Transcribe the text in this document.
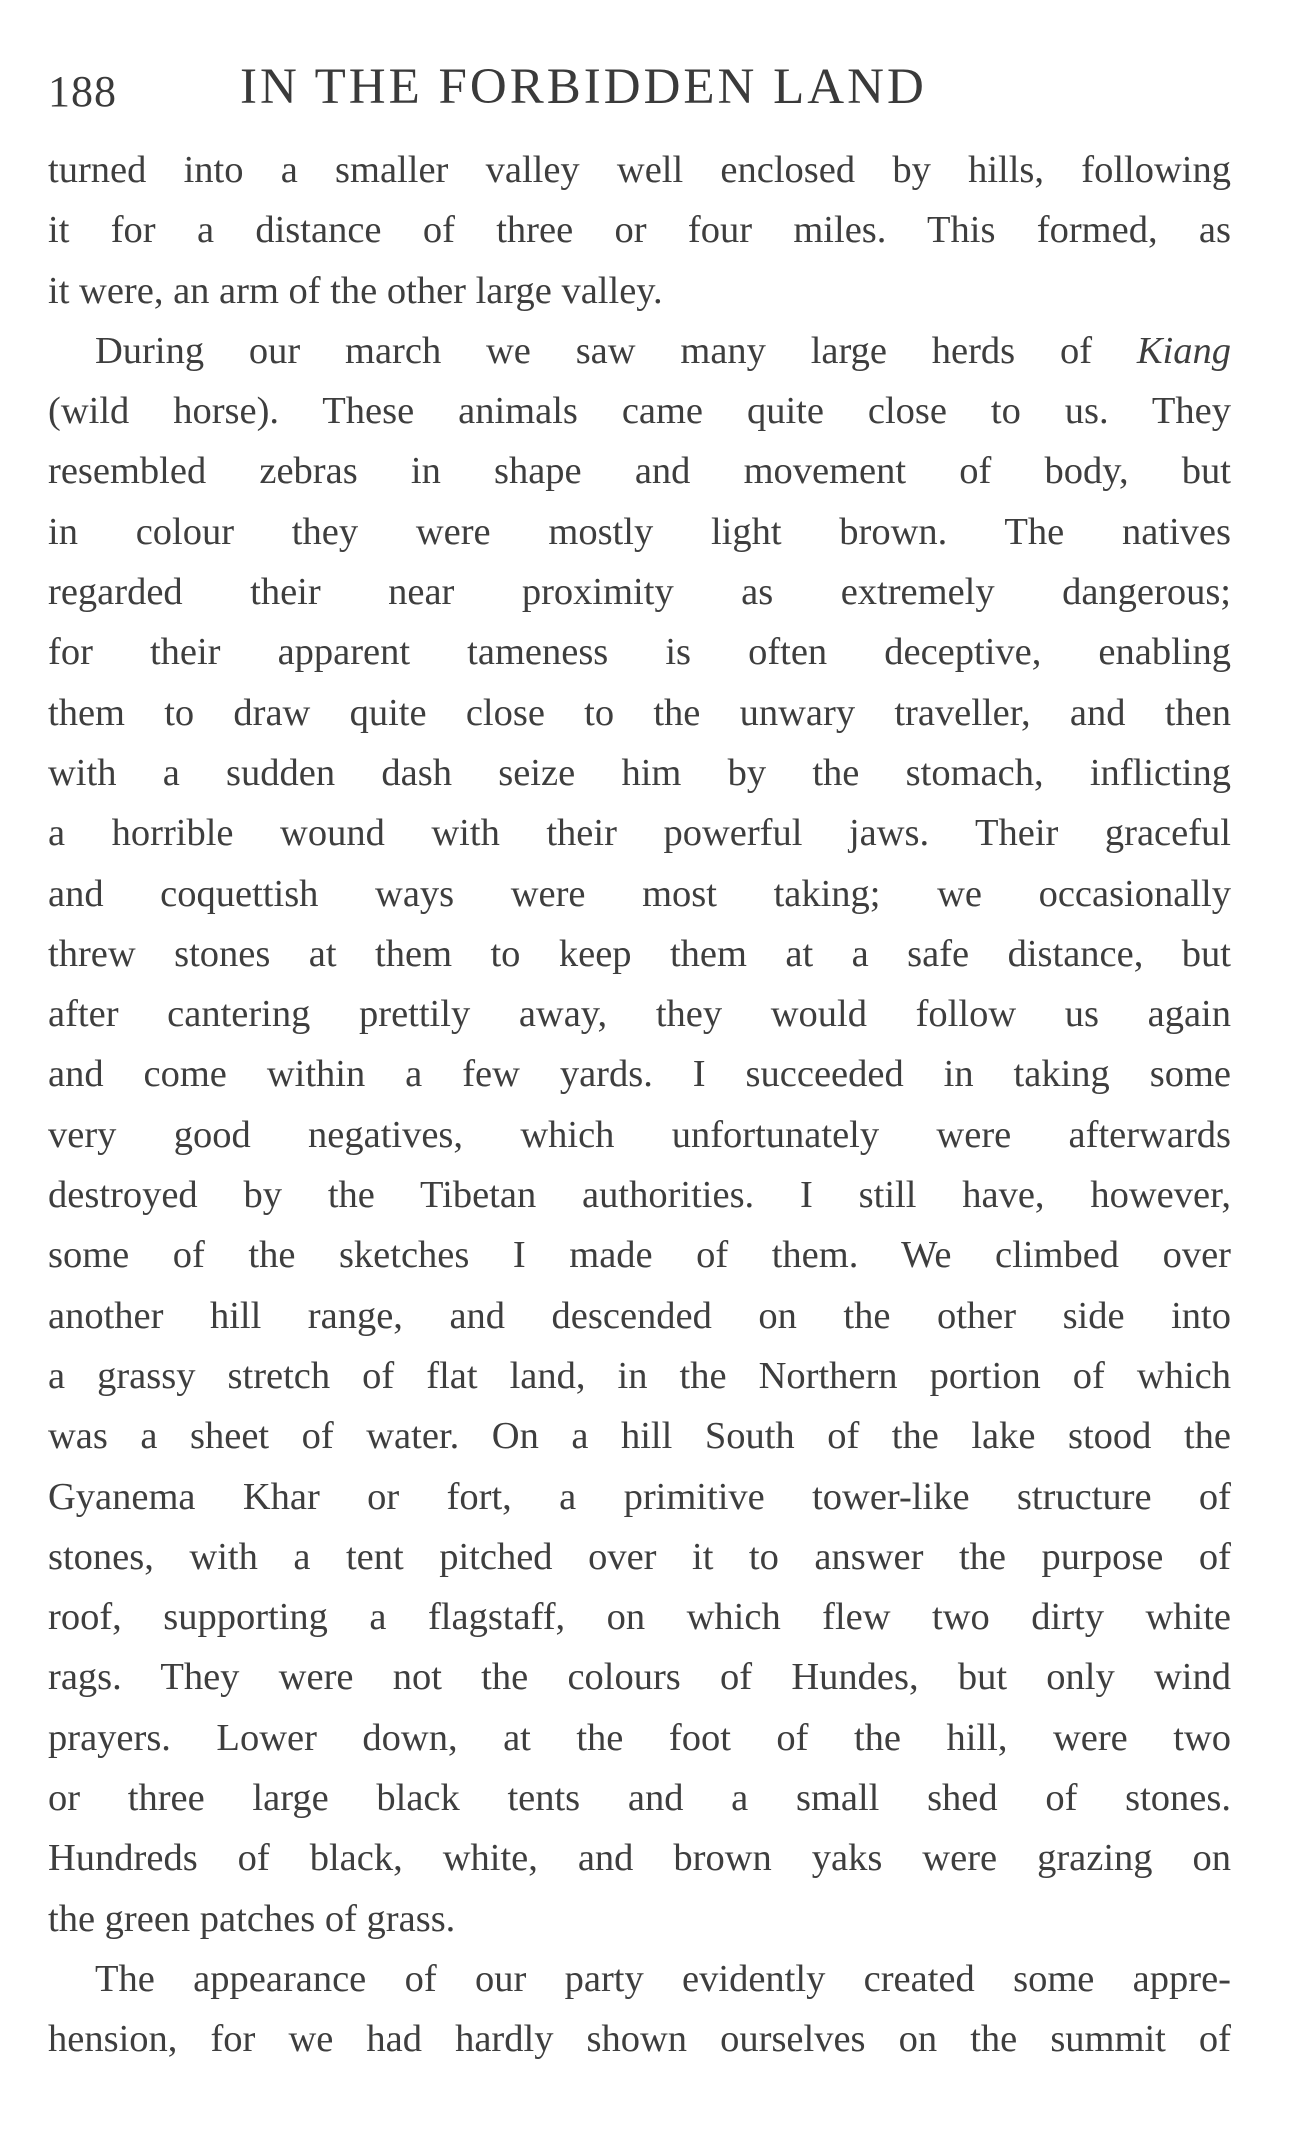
188 IN THE FORBIDDEN LAND
turned into a smaller valley well enclosed by hills, following
it for a distance of three or four miles. This formed, as
it were, an arm of the other large valley.
During our march we saw many large herds of Kiang
(wild horse). These animals came quite close to us. They
resembled zebras in shape and movement of body, but
in colour they were mostly light brown. The natives
regarded their near proximity as extremely dangerous;
for their apparent tameness is often deceptive, enabling
them to draw quite close to the unwary traveller, and then
with a sudden dash seize him by the stomach, inflicting
a horrible wound with their powerful jaws. Their graceful
and coquettish ways were most taking; we occasionally
threw stones at them to keep them at a safe distance, but
after cantering prettily away, they would follow us again
and come within a few yards. I succeeded in taking some
very good negatives, which unfortunately were afterwards
destroyed by the Tibetan authorities. I still have, however,
some of the sketches I made of them. We climbed over
another hill range, and descended on the other side into
a grassy stretch of flat land, in the Northern portion of which
was a sheet of water. On a hill South of the lake stood the
Gyanema Khar or fort, a primitive tower-like structure of
stones, with a tent pitched over it to answer the purpose of
roof, supporting a flagstaff, on which flew two dirty white
rags. They were not the colours of Hundes, but only wind
prayers. Lower down, at the foot of the hill, were two
or three large black tents and a small shed of stones.
Hundreds of black, white, and brown yaks were grazing on
the green patches of grass.
The appearance of our party evidently created some appre-
hension, for we had hardly shown ourselves on the summit of
